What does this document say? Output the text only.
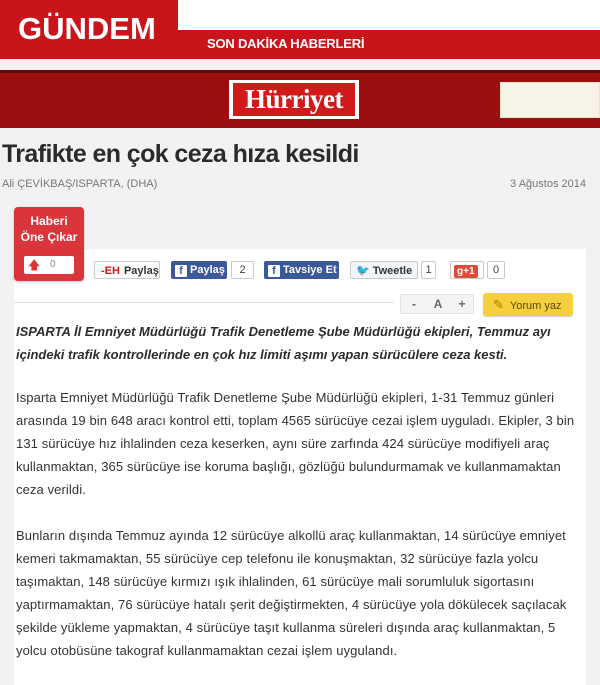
GÜNDEM	SON DAKİKA HABERLERİ
Hürriyet
Trafikte en çok ceza hıza kesildi
Ali ÇEVİKBAŞ/ISPARTA, (DHA)	3 Ağustos 2014
Haberi
Öne Çıkar
🡅 0
-EH Paylaş	f Paylaş	2	f Tavsiye Et	🐦 Tweetle	1	g+1	0
-	A	+	✎ Yorum yaz

ISPARTA İl Emniyet Müdürlüğü Trafik Denetleme Şube Müdürlüğü ekipleri, Temmuz ayı içindeki trafik kontrollerinde en çok hız limiti aşımı yapan sürücülere ceza kesti.

Isparta Emniyet Müdürlüğü Trafik Denetleme Şube Müdürlüğü ekipleri, 1-31 Temmuz günleri arasında 19 bin 648 aracı kontrol etti, toplam 4565 sürücüye cezai işlem uyguladı. Ekipler, 3 bin 131 sürücüye hız ihlalinden ceza keserken, aynı süre zarfında 424 sürücüye modifiyeli araç kullanmaktan, 365 sürücüye ise koruma başlığı, gözlüğü bulundurmamak ve kullanmamaktan ceza verildi.

Bunların dışında Temmuz ayında 12 sürücüye alkollü araç kullanmaktan, 14 sürücüye emniyet kemeri takmamaktan, 55 sürücüye cep telefonu ile konuşmaktan, 32 sürücüye fazla yolcu taşımaktan, 148 sürücüye kırmızı ışık ihlalinden, 61 sürücüye mali sorumluluk sigortasını yaptırmamaktan, 76 sürücüye hatalı şerit değiştirmekten, 4 sürücüye yola dökülecek saçılacak şekilde yükleme yapmaktan, 4 sürücüye taşıt kullanma süreleri dışında araç kullanmaktan, 5 yolcu otobüsüne takograf kullanmamaktan cezai işlem uygulandı.
